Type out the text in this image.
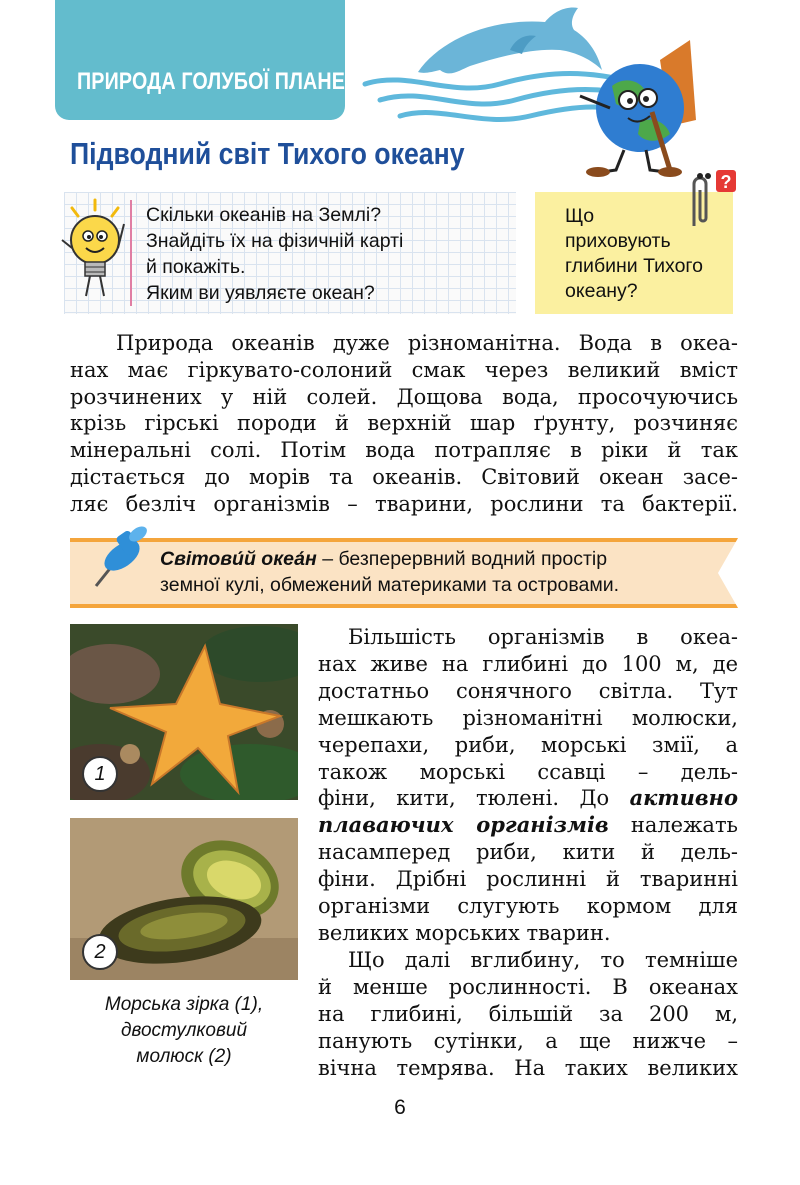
ПРИРОДА ГОЛУБОЇ ПЛАНЕТИ
Підводний світ Тихого океану
Скільки океанів на Землі?
Знайдіть їх на фізичній карті
й покажіть.
Яким ви уявляєте океан?
Що
приховують
глибини Тихого
океану?
?
Природа океанів дуже різноманітна. Вода в океа-
нах має гіркувато-солоний смак через великий вміст
розчинених у ній солей. Дощова вода, просочуючись
крізь гірські породи й верхній шар ґрунту, розчиняє
мінеральні солі. Потім вода потрапляє в ріки й так
дістається до морів та океанів. Світовий океан засе-
ляє безліч організмів – тварини, рослини та бактерії.
Світови́й океа́н – безперервний водний простір
земної кулі, обмежений материками та островами.
1
2
Морська зірка (1),
двостулковий
молюск (2)
Більшість організмів в океа-
нах живе на глибині до 100 м, де
достатньо сонячного світла. Тут
мешкають різноманітні молюски,
черепахи, риби, морські змії, а
також морські ссавці – дель-
фіни, кити, тюлені. До активно
плаваючих організмів належать
насамперед риби, кити й дель-
фіни. Дрібні рослинні й тваринні
організми слугують кормом для
великих морських тварин.
Що далі вглибину, то темніше
й менше рослинності. В океанах
на глибині, більшій за 200 м,
панують сутінки, а ще нижче –
вічна темрява. На таких великих
6
